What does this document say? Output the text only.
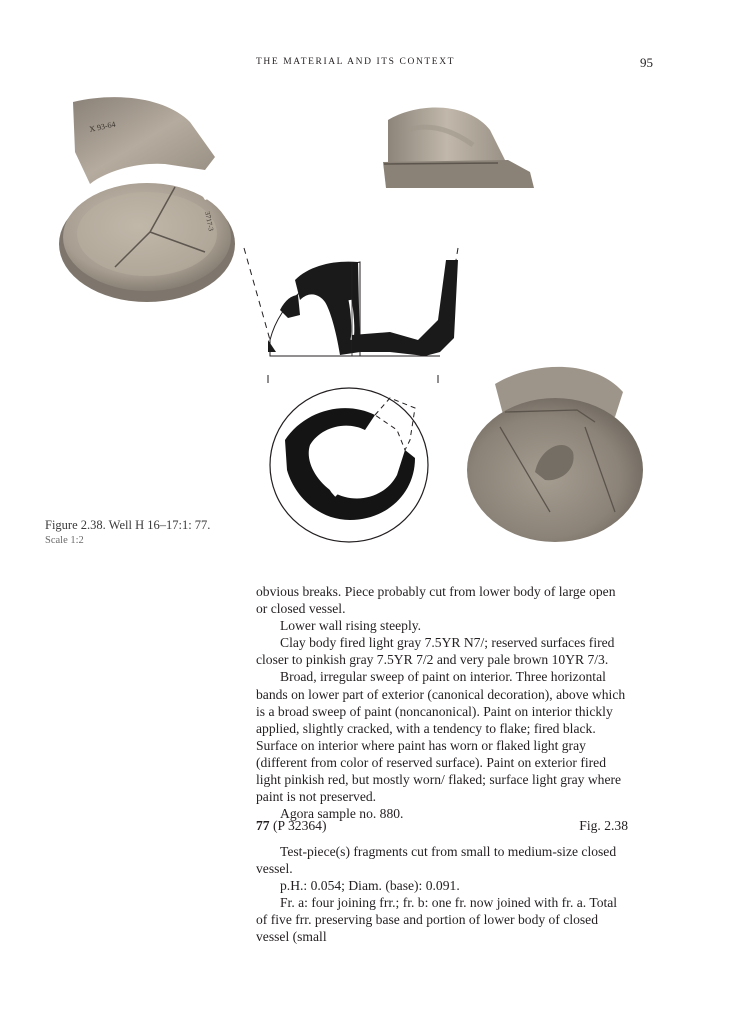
THE MATERIAL AND ITS CONTEXT	95
X 93-64
3717-3
Figure 2.38. Well H 16–17:1: 77.
Scale 1:2

obvious breaks. Piece probably cut from lower body of large open or closed vessel.

Lower wall rising steeply.

Clay body fired light gray 7.5YR N7/; reserved surfaces fired closer to pinkish gray 7.5YR 7/2 and very pale brown 10YR 7/3.

Broad, irregular sweep of paint on interior. Three horizontal bands on lower part of exterior (canonical decoration), above which is a broad sweep of paint (noncanonical). Paint on interior thickly applied, slightly cracked, with a tendency to flake; fired black. Surface on interior where paint has worn or flaked light gray (different from color of reserved surface). Paint on exterior fired light pinkish red, but mostly worn/ flaked; surface light gray where paint is not preserved.

Agora sample no. 880.

77 (P 32364)	Fig. 2.38

Test-piece(s) fragments cut from small to medium-size closed vessel.

p.H.: 0.054; Diam. (base): 0.091.

Fr. a: four joining frr.; fr. b: one fr. now joined with fr. a. Total of five frr. preserving base and portion of lower body of closed vessel (small
